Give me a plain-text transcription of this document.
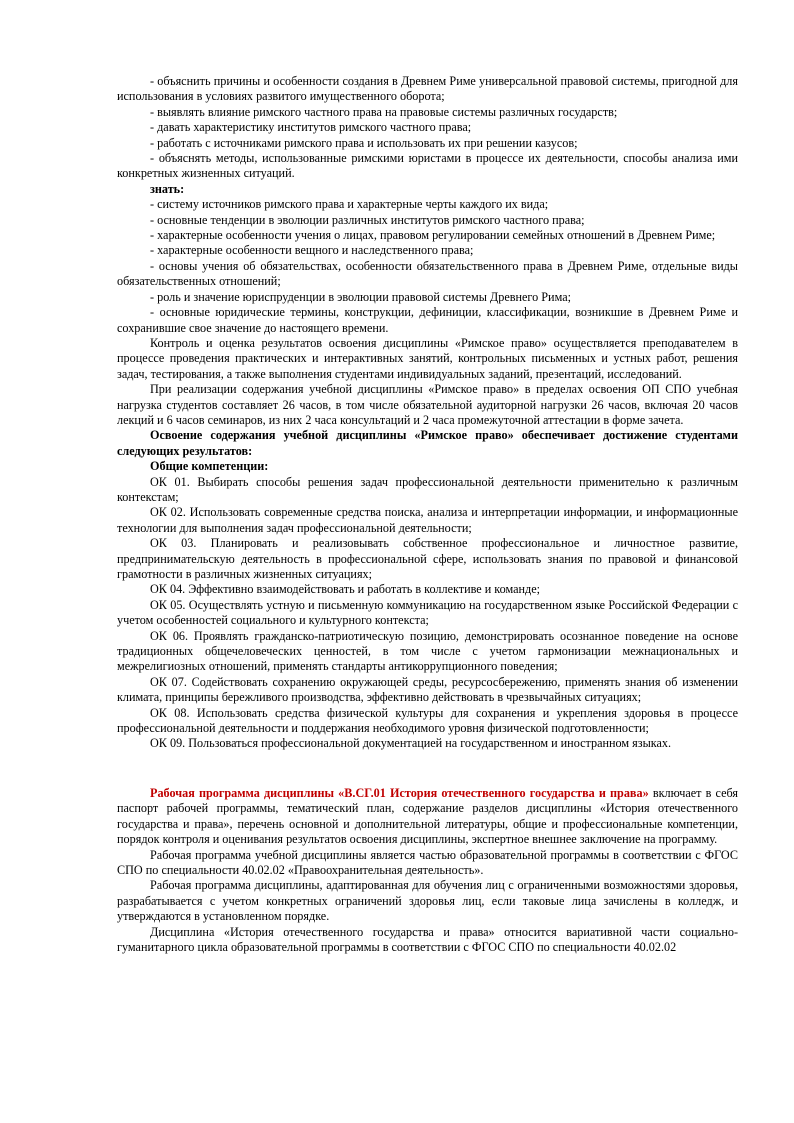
- объяснить причины и особенности создания в Древнем Риме универсальной правовой системы, пригодной для использования в условиях развитого имущественного оборота;

- выявлять влияние римского частного права на правовые системы различных государств;

- давать характеристику институтов римского частного права;

- работать с источниками римского права и использовать их при решении казусов;

- объяснять методы, использованные римскими юристами в процессе их деятельности, способы анализа ими конкретных жизненных ситуаций.

знать:

- систему источников римского права и характерные черты каждого их вида;

- основные тенденции в эволюции различных институтов римского частного права;

- характерные особенности учения о лицах, правовом регулировании семейных отношений в Древнем Риме;

- характерные особенности вещного и наследственного права;

- основы учения об обязательствах, особенности обязательственного права в Древнем Риме, отдельные виды обязательственных отношений;

- роль и значение юриспруденции в эволюции правовой системы Древнего Рима;

- основные юридические термины, конструкции, дефиниции, классификации, возникшие в Древнем Риме и сохранившие свое значение до настоящего времени.

Контроль и оценка результатов освоения дисциплины «Римское право» осуществляется преподавателем в процессе проведения практических и интерактивных занятий, контрольных письменных и устных работ, решения задач, тестирования, а также выполнения студентами индивидуальных заданий, презентаций, исследований.

При реализации содержания учебной дисциплины «Римское право» в пределах освоения ОП СПО учебная нагрузка студентов составляет 26 часов, в том числе обязательной аудиторной нагрузки 26 часов, включая 20 часов лекций и 6 часов семинаров, из них 2 часа консультаций и 2 часа промежуточной аттестации в форме зачета.

Освоение содержания учебной дисциплины «Римское право» обеспечивает достижение студентами следующих результатов:

Общие компетенции:

ОК 01. Выбирать способы решения задач профессиональной деятельности применительно к различным контекстам;

ОК 02. Использовать современные средства поиска, анализа и интерпретации информации, и информационные технологии для выполнения задач профессиональной деятельности;

ОК 03. Планировать и реализовывать собственное профессиональное и личностное развитие, предпринимательскую деятельность в профессиональной сфере, использовать знания по правовой и финансовой грамотности в различных жизненных ситуациях;

ОК 04. Эффективно взаимодействовать и работать в коллективе и команде;

ОК 05. Осуществлять устную и письменную коммуникацию на государственном языке Российской Федерации с учетом особенностей социального и культурного контекста;

ОК 06. Проявлять гражданско-патриотическую позицию, демонстрировать осознанное поведение на основе традиционных общечеловеческих ценностей, в том числе с учетом гармонизации межнациональных и межрелигиозных отношений, применять стандарты антикоррупционного поведения;

ОК 07. Содействовать сохранению окружающей среды, ресурсосбережению, применять знания об изменении климата, принципы бережливого производства, эффективно действовать в чрезвычайных ситуациях;

ОК 08. Использовать средства физической культуры для сохранения и укрепления здоровья в процессе профессиональной деятельности и поддержания необходимого уровня физической подготовленности;

ОК 09. Пользоваться профессиональной документацией на государственном и иностранном языках.

Рабочая программа дисциплины «В.СГ.01 История отечественного государства и права» включает в себя паспорт рабочей программы, тематический план, содержание разделов дисциплины «История отечественного государства и права», перечень основной и дополнительной литературы, общие и профессиональные компетенции, порядок контроля и оценивания результатов освоения дисциплины, экспертное внешнее заключение на программу.

Рабочая программа учебной дисциплины является частью образовательной программы в соответствии с ФГОС СПО по специальности 40.02.02 «Правоохранительная деятельность».

Рабочая программа дисциплины, адаптированная для обучения лиц с ограниченными возможностями здоровья, разрабатывается с учетом конкретных ограничений здоровья лиц, если таковые лица зачислены в колледж, и утверждаются в установленном порядке.

Дисциплина «История отечественного государства и права» относится вариативной части социально-гуманитарного цикла образовательной программы в соответствии с ФГОС СПО по специальности 40.02.02
